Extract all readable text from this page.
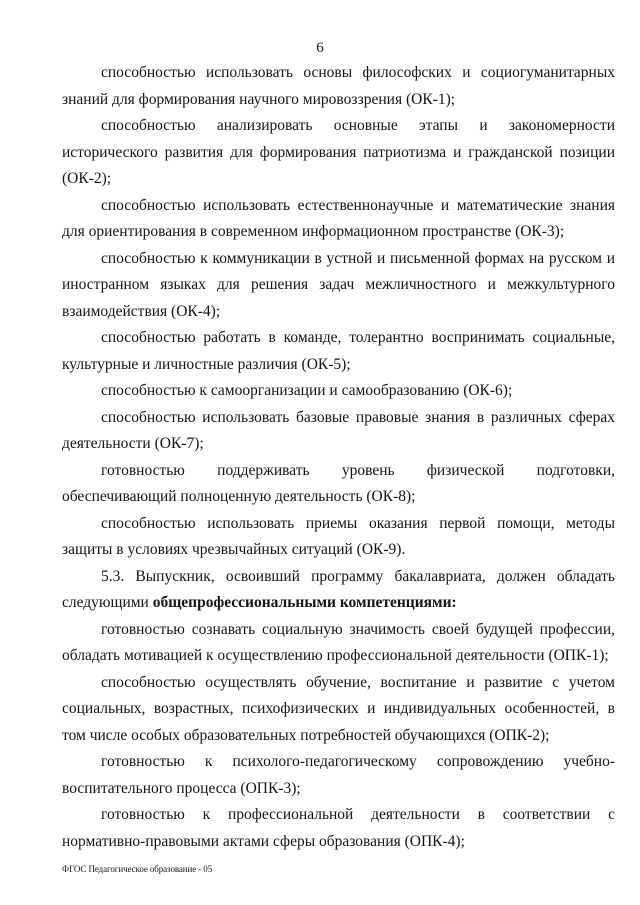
6

способностью использовать основы философских и социогуманитарных знаний для формирования научного мировоззрения (ОК-1);

способностью анализировать основные этапы и закономерности исторического развития для формирования патриотизма и гражданской позиции (ОК-2);

способностью использовать естественнонаучные и математические знания для ориентирования в современном информационном пространстве (ОК-3);

способностью к коммуникации в устной и письменной формах на русском и иностранном языках для решения задач межличностного и межкультурного взаимодействия (ОК-4);

способностью работать в команде, толерантно воспринимать социальные, культурные и личностные различия (ОК-5);

способностью к самоорганизации и самообразованию (ОК-6);

способностью использовать базовые правовые знания в различных сферах деятельности (ОК-7);

готовностью поддерживать уровень физической подготовки, обеспечивающий полноценную деятельность (ОК-8);

способностью использовать приемы оказания первой помощи, методы защиты в условиях чрезвычайных ситуаций (ОК-9).

5.3. Выпускник, освоивший программу бакалавриата, должен обладать следующими общепрофессиональными компетенциями:

готовностью сознавать социальную значимость своей будущей профессии, обладать мотивацией к осуществлению профессиональной деятельности (ОПК-1);

способностью осуществлять обучение, воспитание и развитие с учетом социальных, возрастных, психофизических и индивидуальных особенностей, в том числе особых образовательных потребностей обучающихся (ОПК-2);

готовностью к психолого-педагогическому сопровождению учебно-воспитательного процесса (ОПК-3);

готовностью к профессиональной деятельности в соответствии с нормативно-правовыми актами сферы образования (ОПК-4);

ФГОС Педагогическое образование - 05
